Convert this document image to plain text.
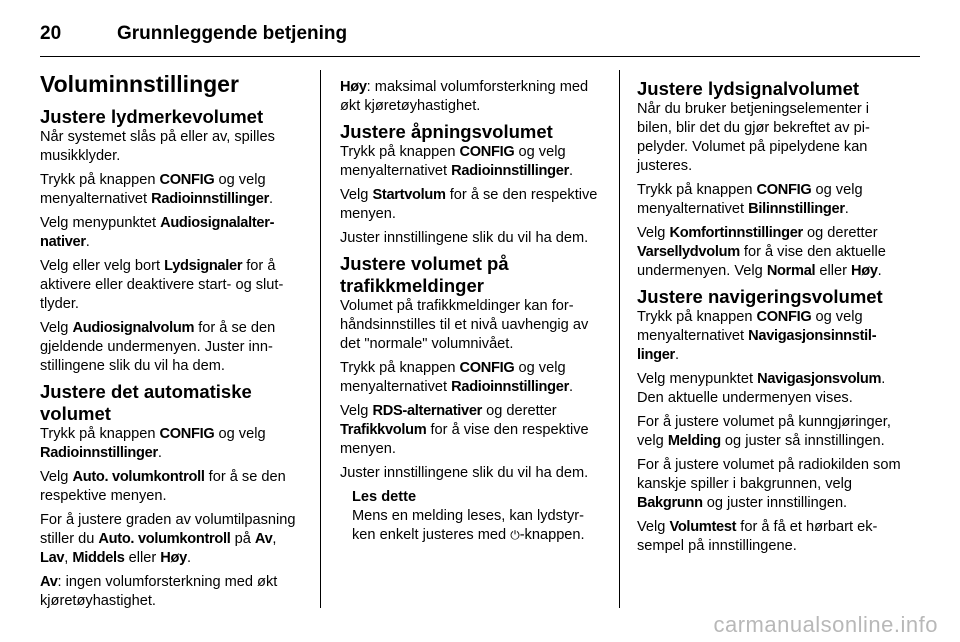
20	Grunnleggende betjening
Voluminnstillinger
Justere lydmerkevolumet

Når systemet slås på eller av, spilles musikklyder.

Trykk på knappen CONFIG og velg menyalternativet Radioinnstillinger.

Velg menypunktet Audiosignalalternativer.

Velg eller velg bort Lydsignaler for å aktivere eller deaktivere start- og sluttlyder.

Velg Audiosignalvolum for å se den gjeldende undermenyen. Juster innstillingene slik du vil ha dem.

Justere det automatiske volumet

Trykk på knappen CONFIG og velg Radioinnstillinger.

Velg Auto. volumkontroll for å se den respektive menyen.

For å justere graden av volumtilpasning stiller du Auto. volumkontroll på Av, Lav, Middels eller Høy.

Av: ingen volumforsterkning med økt kjøretøyhastighet.

Høy: maksimal volumforsterkning med økt kjøretøyhastighet.

Justere åpningsvolumet

Trykk på knappen CONFIG og velg menyalternativet Radioinnstillinger.

Velg Startvolum for å se den respektive menyen.

Juster innstillingene slik du vil ha dem.

Justere volumet på trafikkmeldinger

Volumet på trafikkmeldinger kan forhåndsinnstilles til et nivå uavhengig av det "normale" volumnivået.

Trykk på knappen CONFIG og velg menyalternativet Radioinnstillinger.

Velg RDS-alternativer og deretter Trafikkvolum for å vise den respektive menyen.

Juster innstillingene slik du vil ha dem.

Les dette
Mens en melding leses, kan lydstyrken enkelt justeres med ⏻-knappen.
Justere lydsignalvolumet

Når du bruker betjeningselementer i bilen, blir det du gjør bekreftet av pipelyder. Volumet på pipelydene kan justeres.

Trykk på knappen CONFIG og velg menyalternativet Bilinnstillinger.

Velg Komfortinnstillinger og deretter Varsellydvolum for å vise den aktuelle undermenyen. Velg Normal eller Høy.

Justere navigeringsvolumet

Trykk på knappen CONFIG og velg menyalternativet Navigasjonsinnstillinger.

Velg menypunktet Navigasjonsvolum. Den aktuelle undermenyen vises.

For å justere volumet på kunngjøringer, velg Melding og juster så innstillingen.

For å justere volumet på radiokilden som kanskje spiller i bakgrunnen, velg Bakgrunn og juster innstillingen.

Velg Volumtest for å få et hørbart eksempel på innstillingene.

carmanualsonline.info
